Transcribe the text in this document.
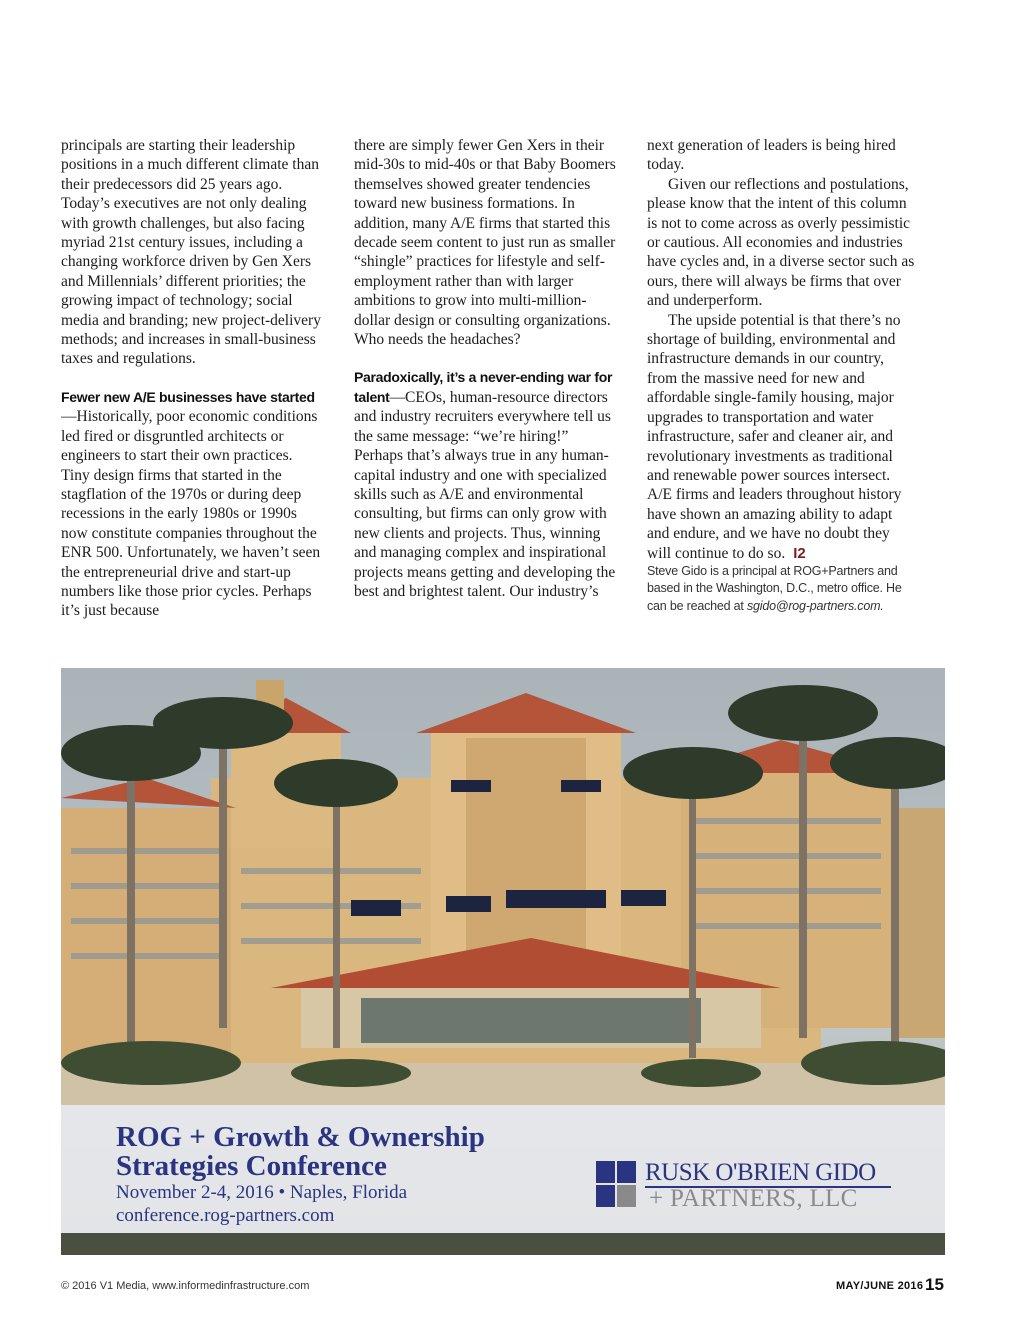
principals are starting their leadership positions in a much different climate than their predecessors did 25 years ago. Today’s executives are not only dealing with growth challenges, but also facing myriad 21st century issues, including a changing workforce driven by Gen Xers and Millennials’ different priorities; the growing impact of technology; social media and branding; new project-delivery methods; and increases in small-business taxes and regulations.

Fewer new A/E businesses have started—Historically, poor economic conditions led fired or disgruntled architects or engineers to start their own practices. Tiny design firms that started in the stagflation of the 1970s or during deep recessions in the early 1980s or 1990s now constitute companies throughout the ENR 500. Unfortunately, we haven’t seen the entrepreneurial drive and start-up numbers like those prior cycles. Perhaps it’s just because

there are simply fewer Gen Xers in their mid-30s to mid-40s or that Baby Boomers themselves showed greater tendencies toward new business formations. In addition, many A/E firms that started this decade seem content to just run as smaller “shingle” practices for lifestyle and self-employment rather than with larger ambitions to grow into multi-million-dollar design or consulting organizations. Who needs the headaches?

Paradoxically, it’s a never-ending war for talent—CEOs, human-resource directors and industry recruiters everywhere tell us the same message: “we’re hiring!” Perhaps that’s always true in any human-capital industry and one with specialized skills such as A/E and environmental consulting, but firms can only grow with new clients and projects. Thus, winning and managing complex and inspirational projects means getting and developing the best and brightest talent. Our industry’s

next generation of leaders is being hired today.

Given our reflections and postulations, please know that the intent of this column is not to come across as overly pessimistic or cautious. All economies and industries have cycles and, in a diverse sector such as ours, there will always be firms that over and underperform.

The upside potential is that there’s no shortage of building, environmental and infrastructure demands in our country, from the massive need for new and affordable single-family housing, major upgrades to transportation and water infrastructure, safer and cleaner air, and revolutionary investments as traditional and renewable power sources intersect. A/E firms and leaders throughout history have shown an amazing ability to adapt and endure, and we have no doubt they will continue to do so. I2

Steve Gido is a principal at ROG+Partners and based in the Washington, D.C., metro office. He can be reached at sgido@rog-partners.com.

ROG + Growth & Ownership
Strategies Conference
November 2-4, 2016 • Naples, Florida
conference.rog-partners.com
RUSK O'BRIEN GIDO
+ PARTNERS, LLC
© 2016 V1 Media, www.informedinfrastructure.com	MAY/JUNE 2016 15
